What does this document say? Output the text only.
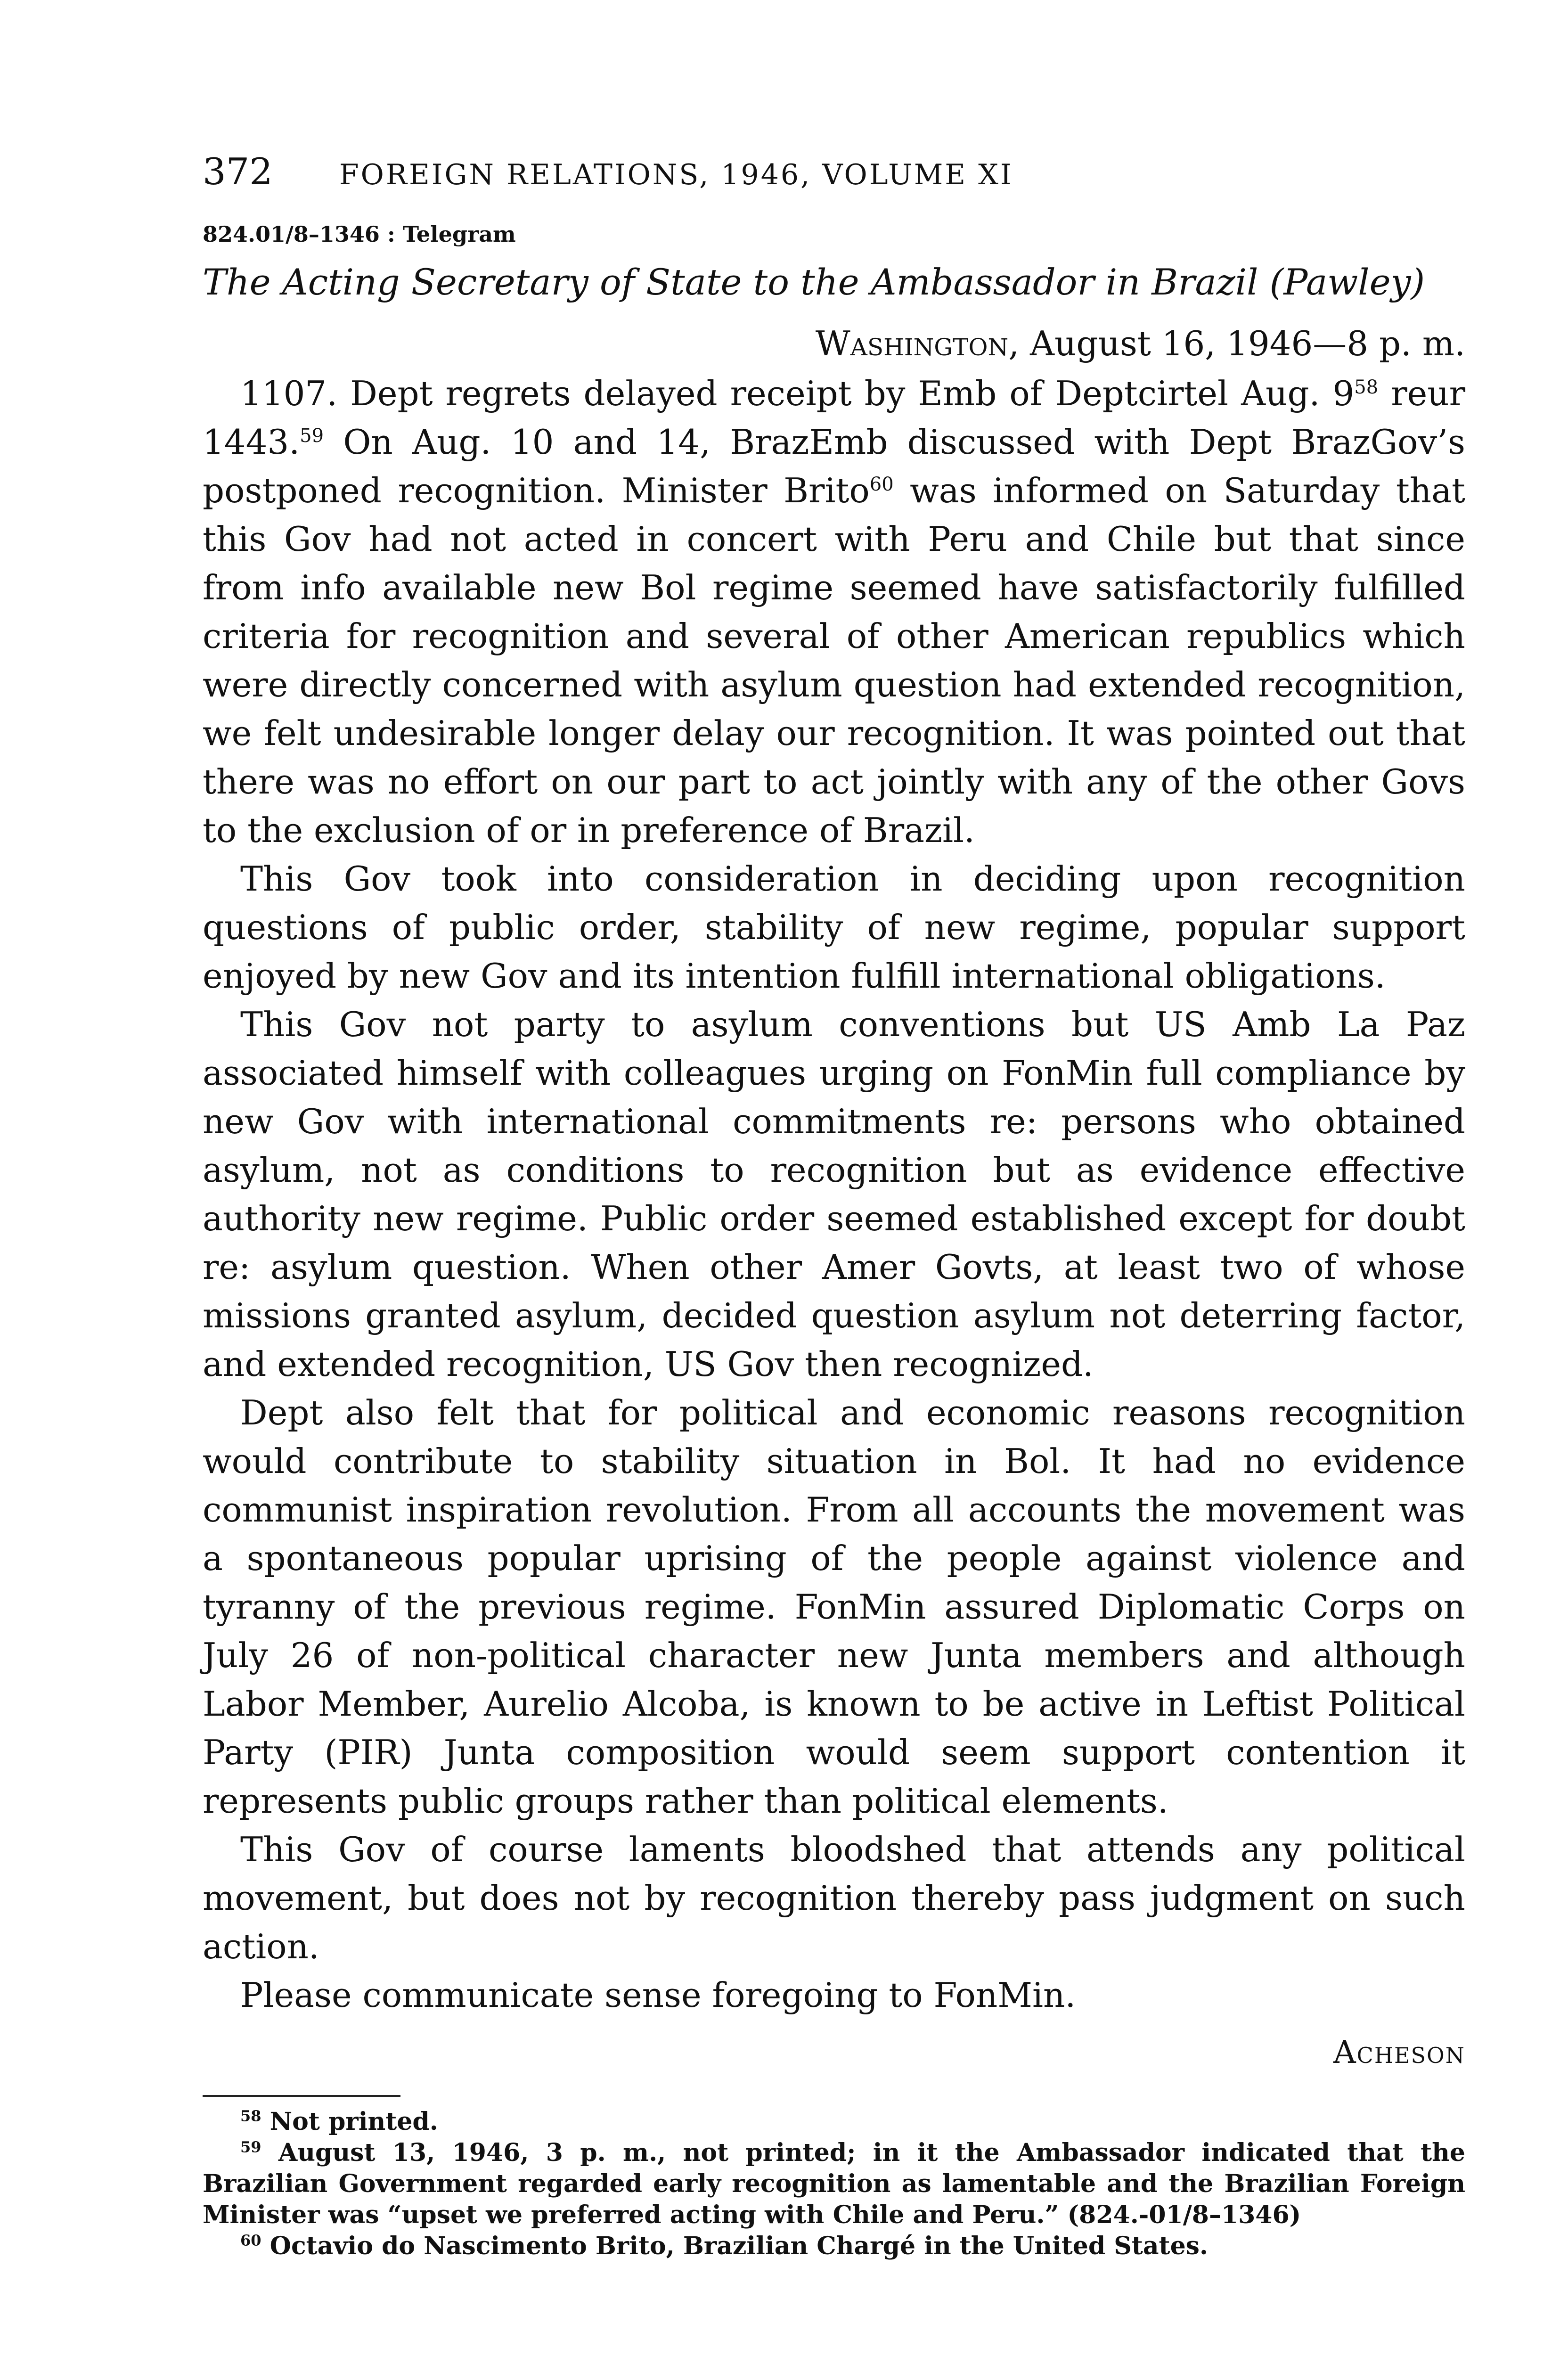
372	FOREIGN RELATIONS, 1946, VOLUME XI
824.01/8–1346 : Telegram
The Acting Secretary of State to the Ambassador in Brazil (Pawley)
Washington, August 16, 1946—8 p. m.

1107. Dept regrets delayed receipt by Emb of Deptcirtel Aug. $9^{58}$ reur 1443.59 On Aug. 10 and 14, BrazEmb discussed with Dept BrazGov’s postponed recognition. Minister Brito$^{60}$ was informed on Saturday that this Gov had not acted in concert with Peru and Chile but that since from info available new Bol regime seemed have satisfactorily fulfilled criteria for recognition and several of other American republics which were directly concerned with asylum question had extended recognition, we felt undesirable longer delay our recognition. It was pointed out that there was no effort on our part to act jointly with any of the other Govs to the exclusion of or in preference of Brazil.

This Gov took into consideration in deciding upon recognition questions of public order, stability of new regime, popular support enjoyed by new Gov and its intention fulfill international obligations.

This Gov not party to asylum conventions but US Amb La Paz associated himself with colleagues urging on FonMin full compliance by new Gov with international commitments re: persons who obtained asylum, not as conditions to recognition but as evidence effective authority new regime. Public order seemed established except for doubt re: asylum question. When other Amer Govts, at least two of whose missions granted asylum, decided question asylum not deterring factor, and extended recognition, US Gov then recognized.

Dept also felt that for political and economic reasons recognition would contribute to stability situation in Bol. It had no evidence communist inspiration revolution. From all accounts the movement was a spontaneous popular uprising of the people against violence and tyranny of the previous regime. FonMin assured Diplomatic Corps on July 26 of non-political character new Junta members and although Labor Member, Aurelio Alcoba, is known to be active in Leftist Political Party (PIR) Junta composition would seem support contention it represents public groups rather than political elements.

This Gov of course laments bloodshed that attends any political movement, but does not by recognition thereby pass judgment on such action.

Please communicate sense foregoing to FonMin.

Acheson

$^{58}$ Not printed.

$^{59}$ August 13, 1946, 3 p. m., not printed; in it the Ambassador indicated that the Brazilian Government regarded early recognition as lamentable and the Brazilian Foreign Minister was “upset we preferred acting with Chile and Peru.” (824.-01/8–1346)

$^{60}$ Octavio do Nascimento Brito, Brazilian Chargé in the United States.
